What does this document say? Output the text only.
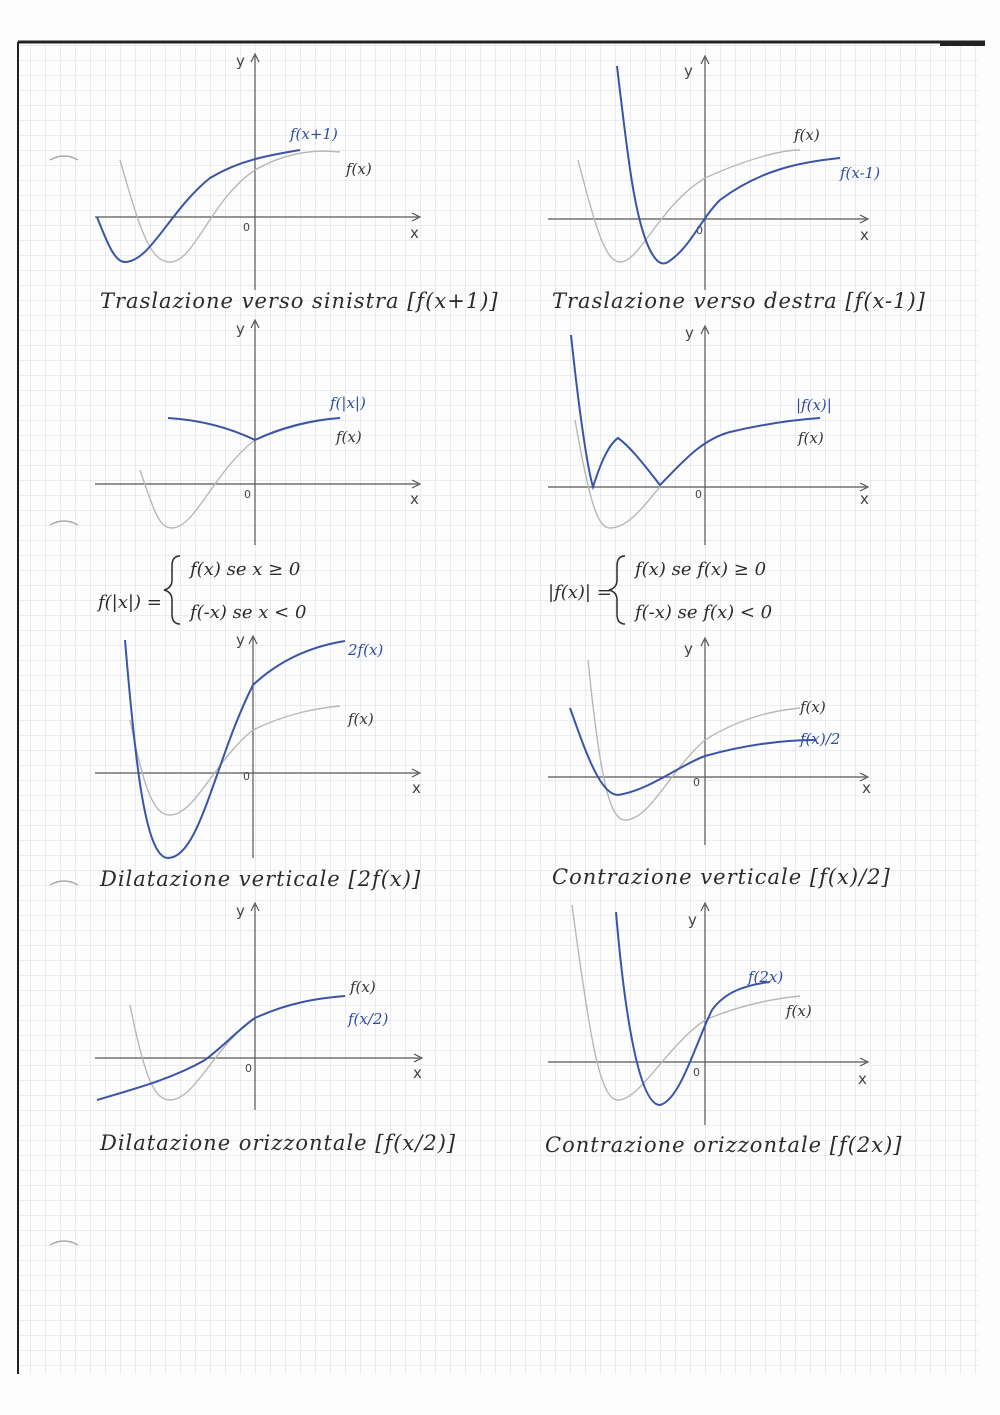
x
y
0
f(x+1)
f(x)
Traslazione verso sinistra [f(x+1)]
x
y
0
f(x)
f(x-1)
Traslazione verso destra [f(x-1)]
x
y
0
f(|x|)
f(x)
x
y
0
|f(x)|
f(x)
f(|x|) =
f(x) se x ≥ 0
f(-x) se x < 0
|f(x)| =
f(x) se f(x) ≥ 0
f(-x) se f(x) < 0
x
y
0
2f(x)
f(x)
Dilatazione verticale [2f(x)]
x
y
0
f(x)
f(x)/2
Contrazione verticale [f(x)/2]
x
y
0
f(x)
f(x/2)
Dilatazione orizzontale [f(x/2)]
x
y
0
f(2x)
f(x)
Contrazione orizzontale [f(2x)]
